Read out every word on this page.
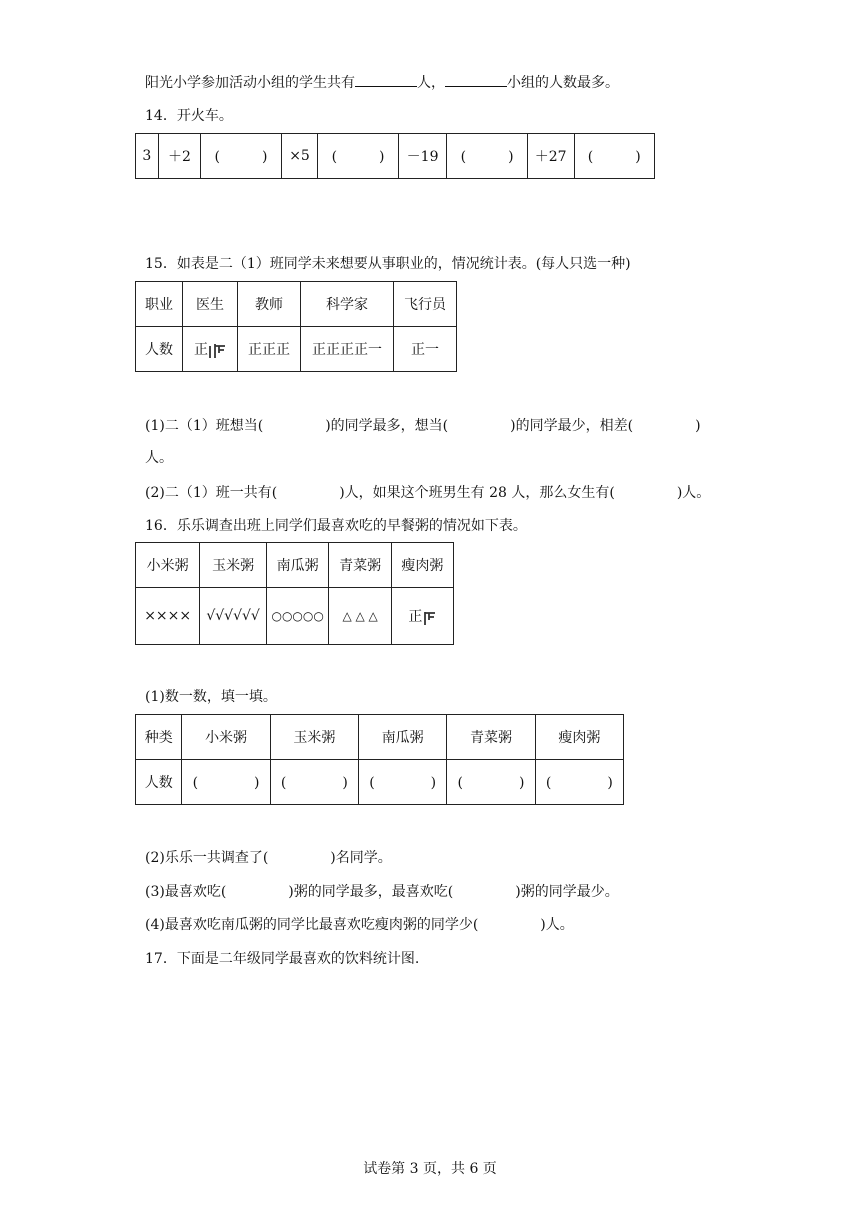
阳光小学参加活动小组的学生共有	人，	小组的人数最多。
14．开火车。
3	＋2	(　　　)	×5	(　　　)	－19	(　　　)	＋27	(　　　)
15．如表是二（1）班同学未来想要从事职业的，情况统计表。(每人只选一种)
职业	医生	教师	科学家	飞行员
人数	正	正正正	正正正正一	正一
(1)二（1）班想当(	)的同学最多，想当(	)的同学最少，相差(	)
人。
(2)二（1）班一共有(	)人，如果这个班男生有 28 人，那么女生有(	)人。
16．乐乐调查出班上同学们最喜欢吃的早餐粥的情况如下表。
小米粥	玉米粥	南瓜粥	青菜粥	瘦肉粥
××××	√√√√√√	○○○○○	△ △ △	正
(1)数一数，填一填。
种类	小米粥	玉米粥	南瓜粥	青菜粥	瘦肉粥
人数	(　　　　)	(　　　　)	(　　　　)	(　　　　)	(　　　　)
(2)乐乐一共调查了(	)名同学。
(3)最喜欢吃(	)粥的同学最多，最喜欢吃(	)粥的同学最少。
(4)最喜欢吃南瓜粥的同学比最喜欢吃瘦肉粥的同学少(	)人。
17．下面是二年级同学最喜欢的饮料统计图.
试卷第 3 页，共 6 页
